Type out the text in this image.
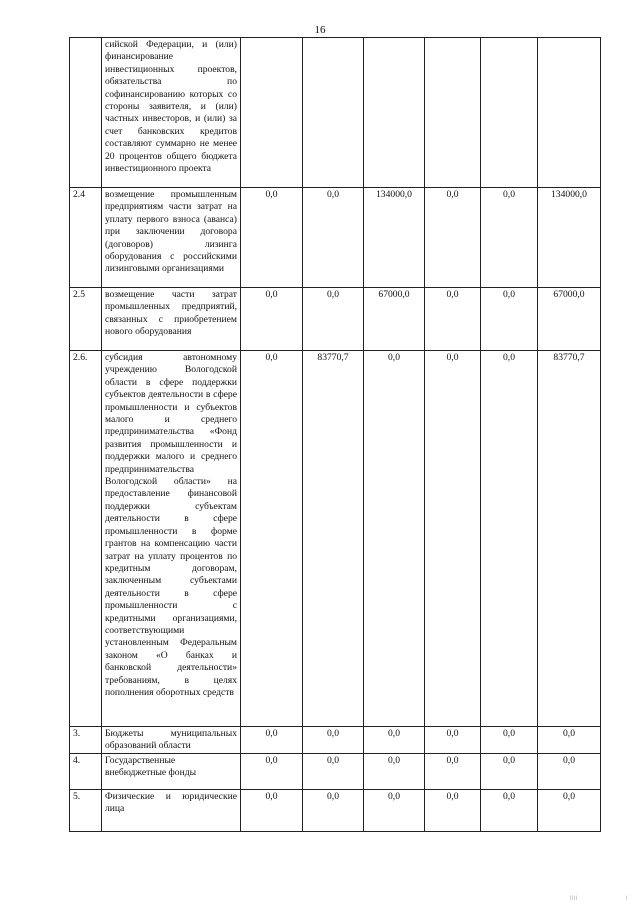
16
	сийской Федерации, и (или) финансирование инвестиционных проектов, обязательства по софинансированию которых со стороны заявителя, и (или) частных инвесторов, и (или) за счет банковских кредитов составляют суммарно не менее 20 процентов общего бюджета инвестиционного проекта						
2.4	возмещение промышленным предприятиям части затрат на уплату первого взноса (аванса) при заключении договора (договоров) лизинга оборудования с российскими лизинговыми организациями	0,0	0,0	134000,0	0,0	0,0	134000,0
2.5	возмещение части затрат промышленных предприятий, связанных с приобретением нового оборудования	0,0	0,0	67000,0	0,0	0,0	67000,0
2.6.	субсидия автономному учреждению Вологодской области в сфере поддержки субъектов деятельности в сфере промышленности и субъектов малого и среднего предпринимательства «Фонд развития промышленности и поддержки малого и среднего предпринимательства Вологодской области» на предоставление финансовой поддержки субъектам деятельности в сфере промышленности в форме грантов на компенсацию части затрат на уплату процентов по кредитным договорам, заключенным субъектами деятельности в сфере промышленности с кредитными организациями, соответствующими установленным Федеральным законом «О банках и банковской деятельности» требованиям, в целях пополнения оборотных средств	0,0	83770,7	0,0	0,0	0,0	83770,7
3.	Бюджеты муниципальных образований области	0,0	0,0	0,0	0,0	0,0	0,0
4.	Государственные внебюджетные фонды	0,0	0,0	0,0	0,0	0,0	0,0
5.	Физические и юридические лица	0,0	0,0	0,0	0,0	0,0	0,0
||||	|
